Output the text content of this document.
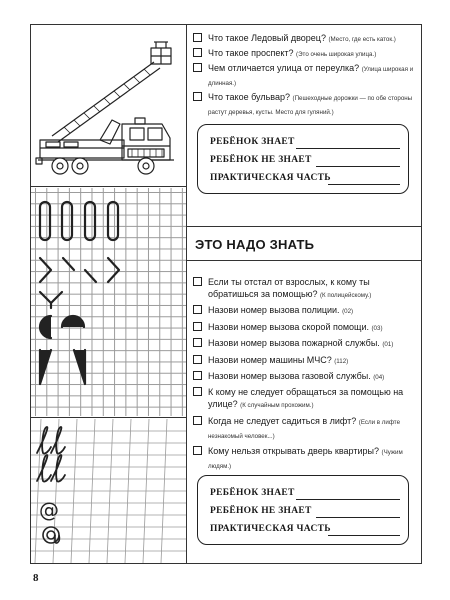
@
Что такое Ледовый дворец? (Место, где есть каток.)
Что такое проспект? (Это очень широкая улица.)
Чем отличается улица от переулка? (Улица широкая и длинная.)
Что такое бульвар? (Пешеходные дорожки — по обе стороны растут деревья, кусты. Место для гуляний.)
РЕБЁНОК ЗНАЕТ
РЕБЁНОК НЕ ЗНАЕТ
ПРАКТИЧЕСКАЯ ЧАСТЬ
ЭТО НАДО ЗНАТЬ
Если ты отстал от взрослых, к кому ты обратишься за помощью? (К полицейскому.)
Назови номер вызова полиции. (02)
Назови номер вызова скорой помощи. (03)
Назови номер вызова пожарной службы. (01)
Назови номер машины МЧС? (112)
Назови номер вызова газовой службы. (04)
К кому не следует обращаться за помощью на улице? (К случайным прохожим.)
Когда не следует садиться в лифт? (Если в лифте незнакомый человек...)
Кому нельзя открывать дверь квартиры? (Чужим людям.)
РЕБЁНОК ЗНАЕТ
РЕБЁНОК НЕ ЗНАЕТ
ПРАКТИЧЕСКАЯ ЧАСТЬ
8
